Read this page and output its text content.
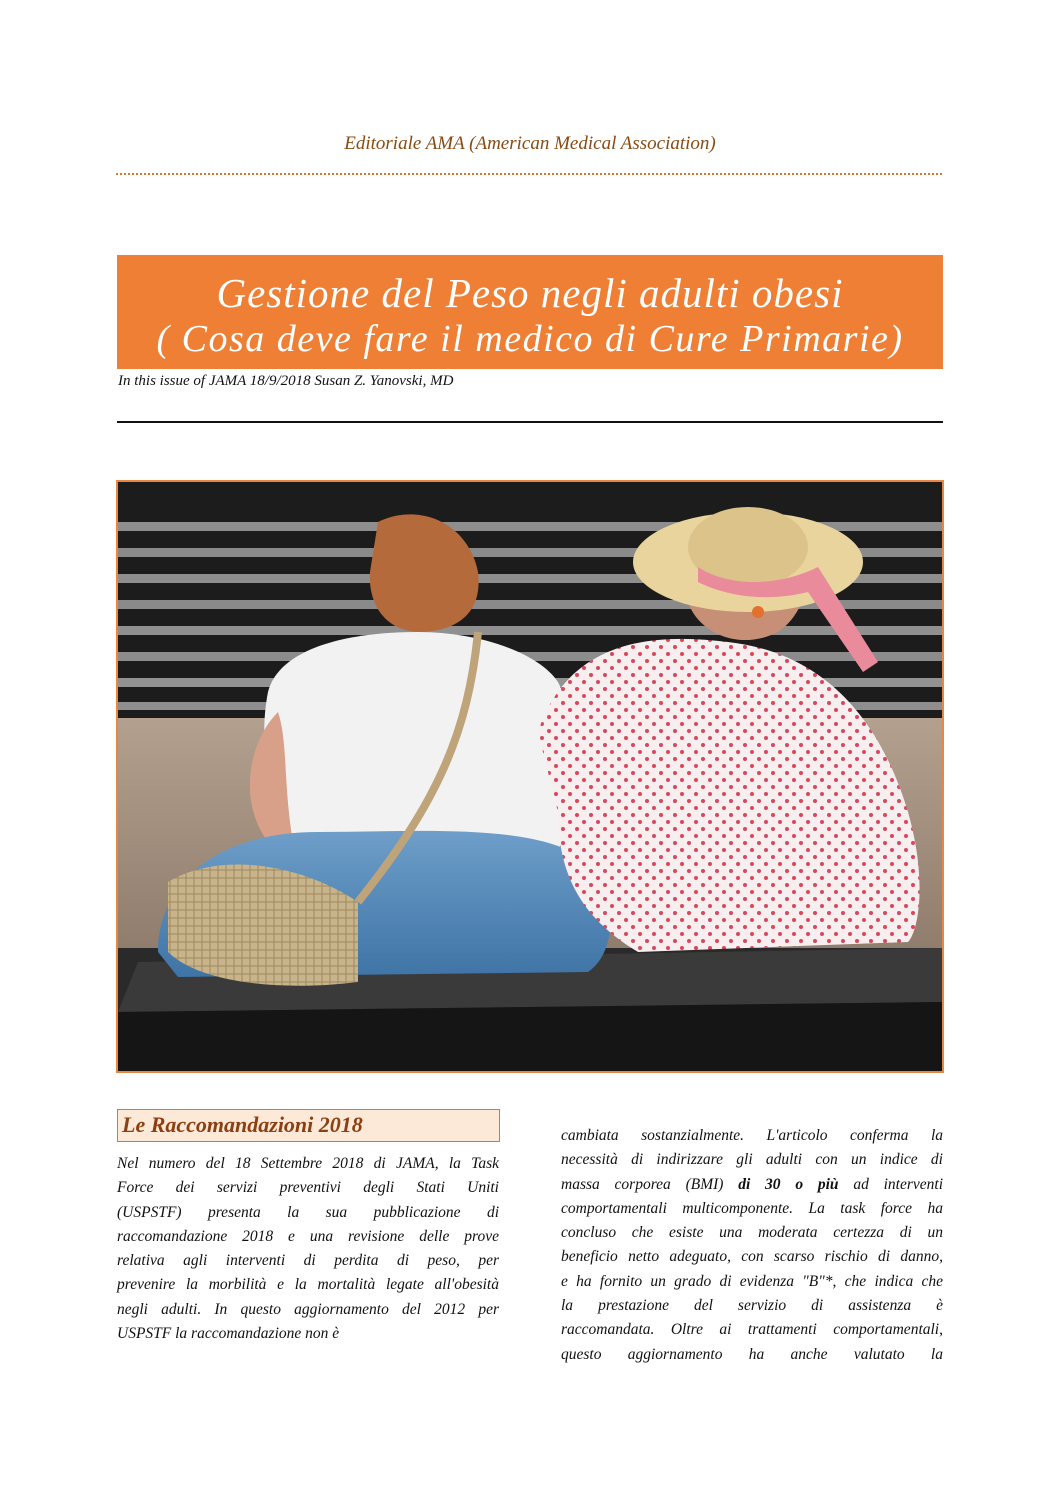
Editoriale AMA (American Medical Association)
Gestione del Peso negli adulti obesi
( Cosa deve fare il medico di Cure Primarie)
In this issue of JAMA 18/9/2018 Susan Z. Yanovski, MD
Le Raccomandazioni 2018
Nel numero del 18 Settembre 2018 di JAMA, la Task
Force dei servizi preventivi degli Stati Uniti
(USPSTF) presenta la sua pubblicazione di
raccomandazione 2018 e una revisione delle prove
relativa agli interventi di perdita di peso, per
prevenire la morbilità e la mortalità legate all'obesità
negli adulti. In questo aggiornamento del 2012 per
USPSTF la raccomandazione non è
cambiata sostanzialmente. L'articolo conferma la
necessità di indirizzare gli adulti con un indice di
massa corporea (BMI) di 30 o più ad interventi
comportamentali multicomponente. La task force ha
concluso che esiste una moderata certezza di un
beneficio netto adeguato, con scarso rischio di danno,
e ha fornito un grado di evidenza "B"*, che indica che
la prestazione del servizio di assistenza è
raccomandata. Oltre ai trattamenti comportamentali,
questo aggiornamento ha anche valutato la
